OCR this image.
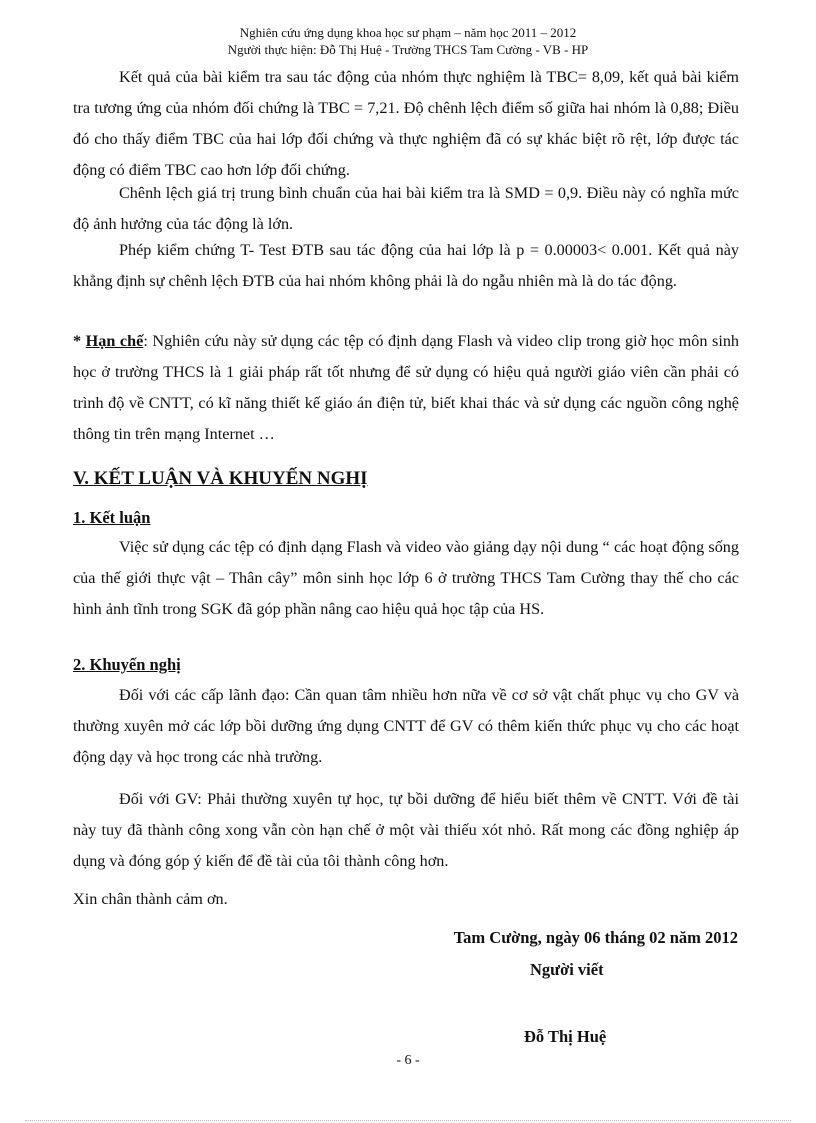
Nghiên cứu ứng dụng khoa học sư phạm – năm học 2011 – 2012
Người thực hiện: Đỗ Thị Huệ - Trường THCS Tam Cường - VB - HP

Kết quả của bài kiểm tra sau tác động của nhóm thực nghiệm là TBC= 8,09, kết quả bài kiểm tra tương ứng của nhóm đối chứng là TBC = 7,21. Độ chênh lệch điểm số giữa hai nhóm là 0,88; Điều đó cho thấy điểm TBC của hai lớp đối chứng và thực nghiệm đã có sự khác biệt rõ rệt, lớp được tác động có điểm TBC cao hơn lớp đối chứng.

Chênh lệch giá trị trung bình chuẩn của hai bài kiểm tra là SMD = 0,9. Điều này có nghĩa mức độ ảnh hưởng của tác động là lớn.

Phép kiểm chứng T- Test ĐTB sau tác động của hai lớp là p = 0.00003< 0.001. Kết quả này khẳng định sự chênh lệch ĐTB của hai nhóm không phải là do ngẫu nhiên mà là do tác động.

* Hạn chế: Nghiên cứu này sử dụng các tệp có định dạng Flash và video clip trong giờ học môn sinh học ở trường THCS là 1 giải pháp rất tốt nhưng để sử dụng có hiệu quả người giáo viên cần phải có trình độ về CNTT, có kĩ năng thiết kế giáo án điện tử, biết khai thác và sử dụng các nguồn công nghệ thông tin trên mạng Internet …

V. KẾT LUẬN VÀ KHUYẾN NGHỊ
1. Kết luận

Việc sử dụng các tệp có định dạng Flash và video vào giảng dạy nội dung “ các hoạt động sống của thế giới thực vật – Thân cây” môn sinh học lớp 6 ở trường THCS Tam Cường thay thế cho các hình ảnh tĩnh trong SGK đã góp phần nâng cao hiệu quả học tập của HS.

2. Khuyến nghị

Đối với các cấp lãnh đạo: Cần quan tâm nhiều hơn nữa về cơ sở vật chất phục vụ cho GV và thường xuyên mở các lớp bồi dưỡng ứng dụng CNTT để GV có thêm kiến thức phục vụ cho các hoạt động dạy và học trong các nhà trường.

Đối với GV: Phải thường xuyên tự học, tự bồi dưỡng để hiểu biết thêm về CNTT. Với đề tài này tuy đã thành công xong vẫn còn hạn chế ở một vài thiếu xót nhỏ. Rất mong các đồng nghiệp áp dụng và đóng góp ý kiến để đề tài của tôi thành công hơn.

Xin chân thành cảm ơn.

Tam Cường, ngày 06 tháng 02 năm 2012

Người viết

Đỗ Thị Huệ

- 6 -
